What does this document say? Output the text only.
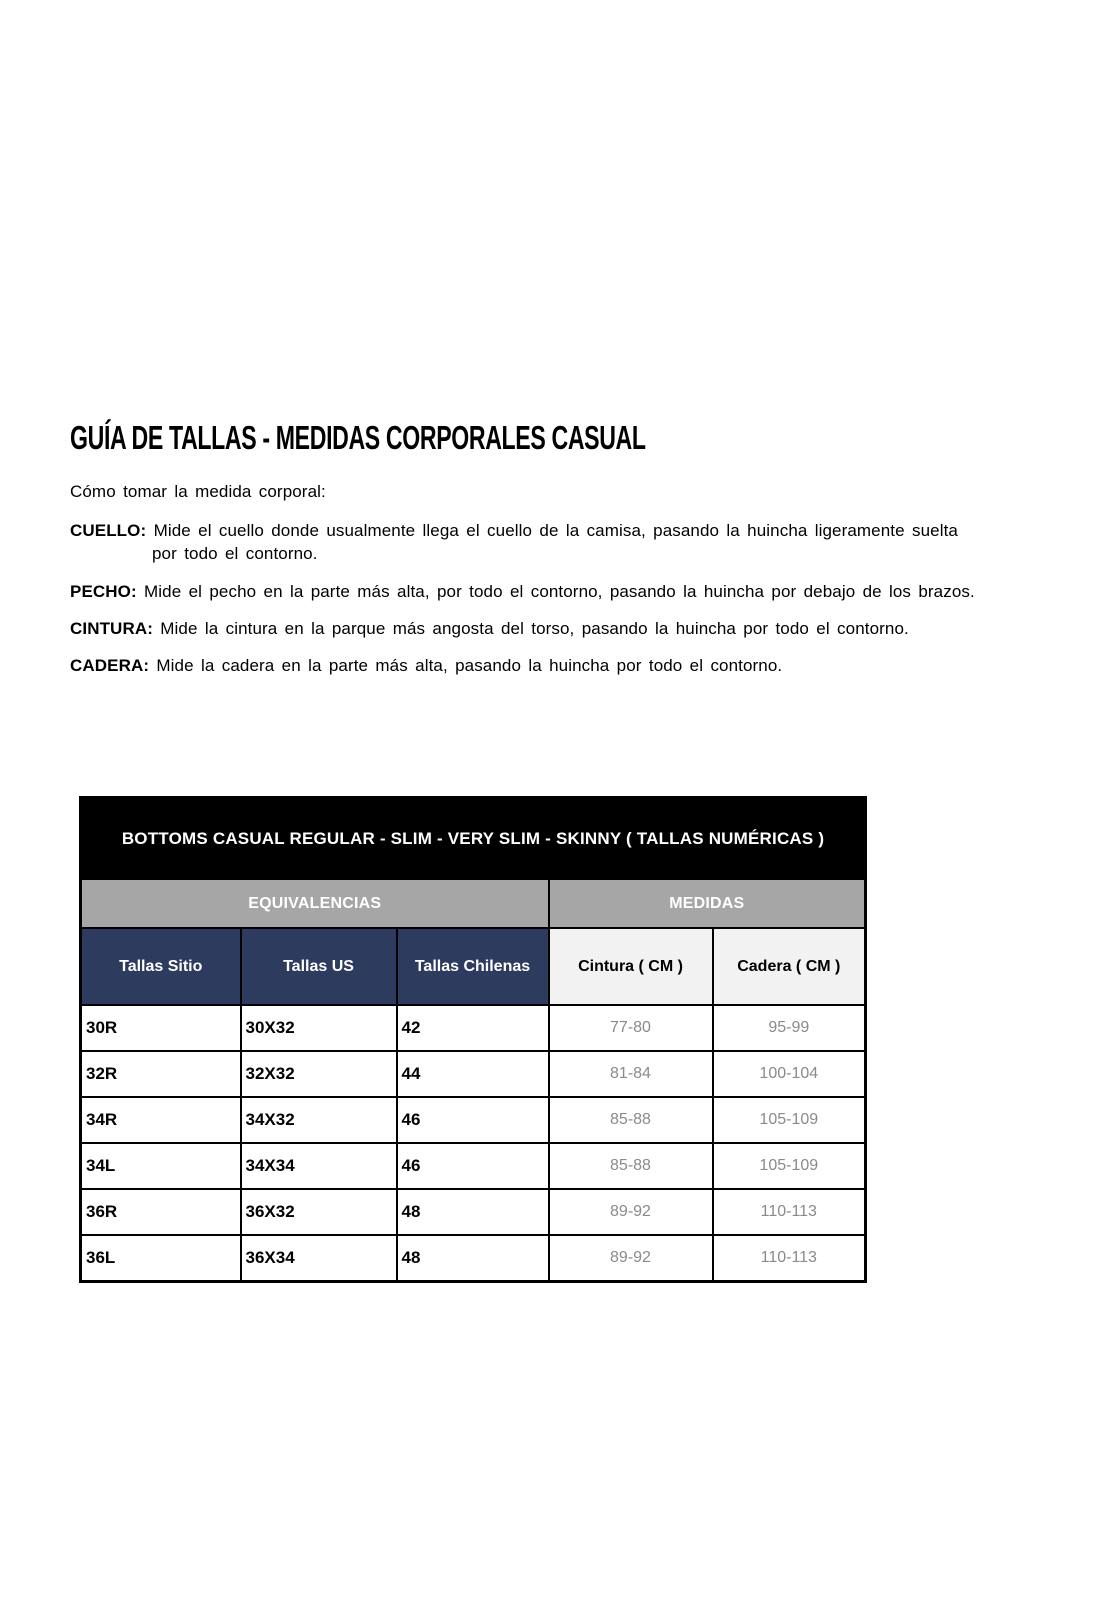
GUÍA DE TALLAS - MEDIDAS CORPORALES CASUAL

Cómo tomar la medida corporal:

CUELLO: Mide el cuello donde usualmente llega el cuello de la camisa, pasando la huincha ligeramente suelta
por todo el contorno.

PECHO: Mide el pecho en la parte más alta, por todo el contorno, pasando la huincha por debajo de los brazos.

CINTURA: Mide la cintura en la parque más angosta del torso, pasando la huincha por todo el contorno.

CADERA: Mide la cadera en la parte más alta, pasando la huincha por todo el contorno.

BOTTOMS CASUAL REGULAR - SLIM - VERY SLIM - SKINNY ( TALLAS NUMÉRICAS )				
EQUIVALENCIAS			MEDIDAS	
Tallas Sitio	Tallas US	Tallas Chilenas	Cintura ( CM )	Cadera ( CM )
30R	30X32	42	77-80	95-99
32R	32X32	44	81-84	100-104
34R	34X32	46	85-88	105-109
34L	34X34	46	85-88	105-109
36R	36X32	48	89-92	110-113
36L	36X34	48	89-92	110-113
